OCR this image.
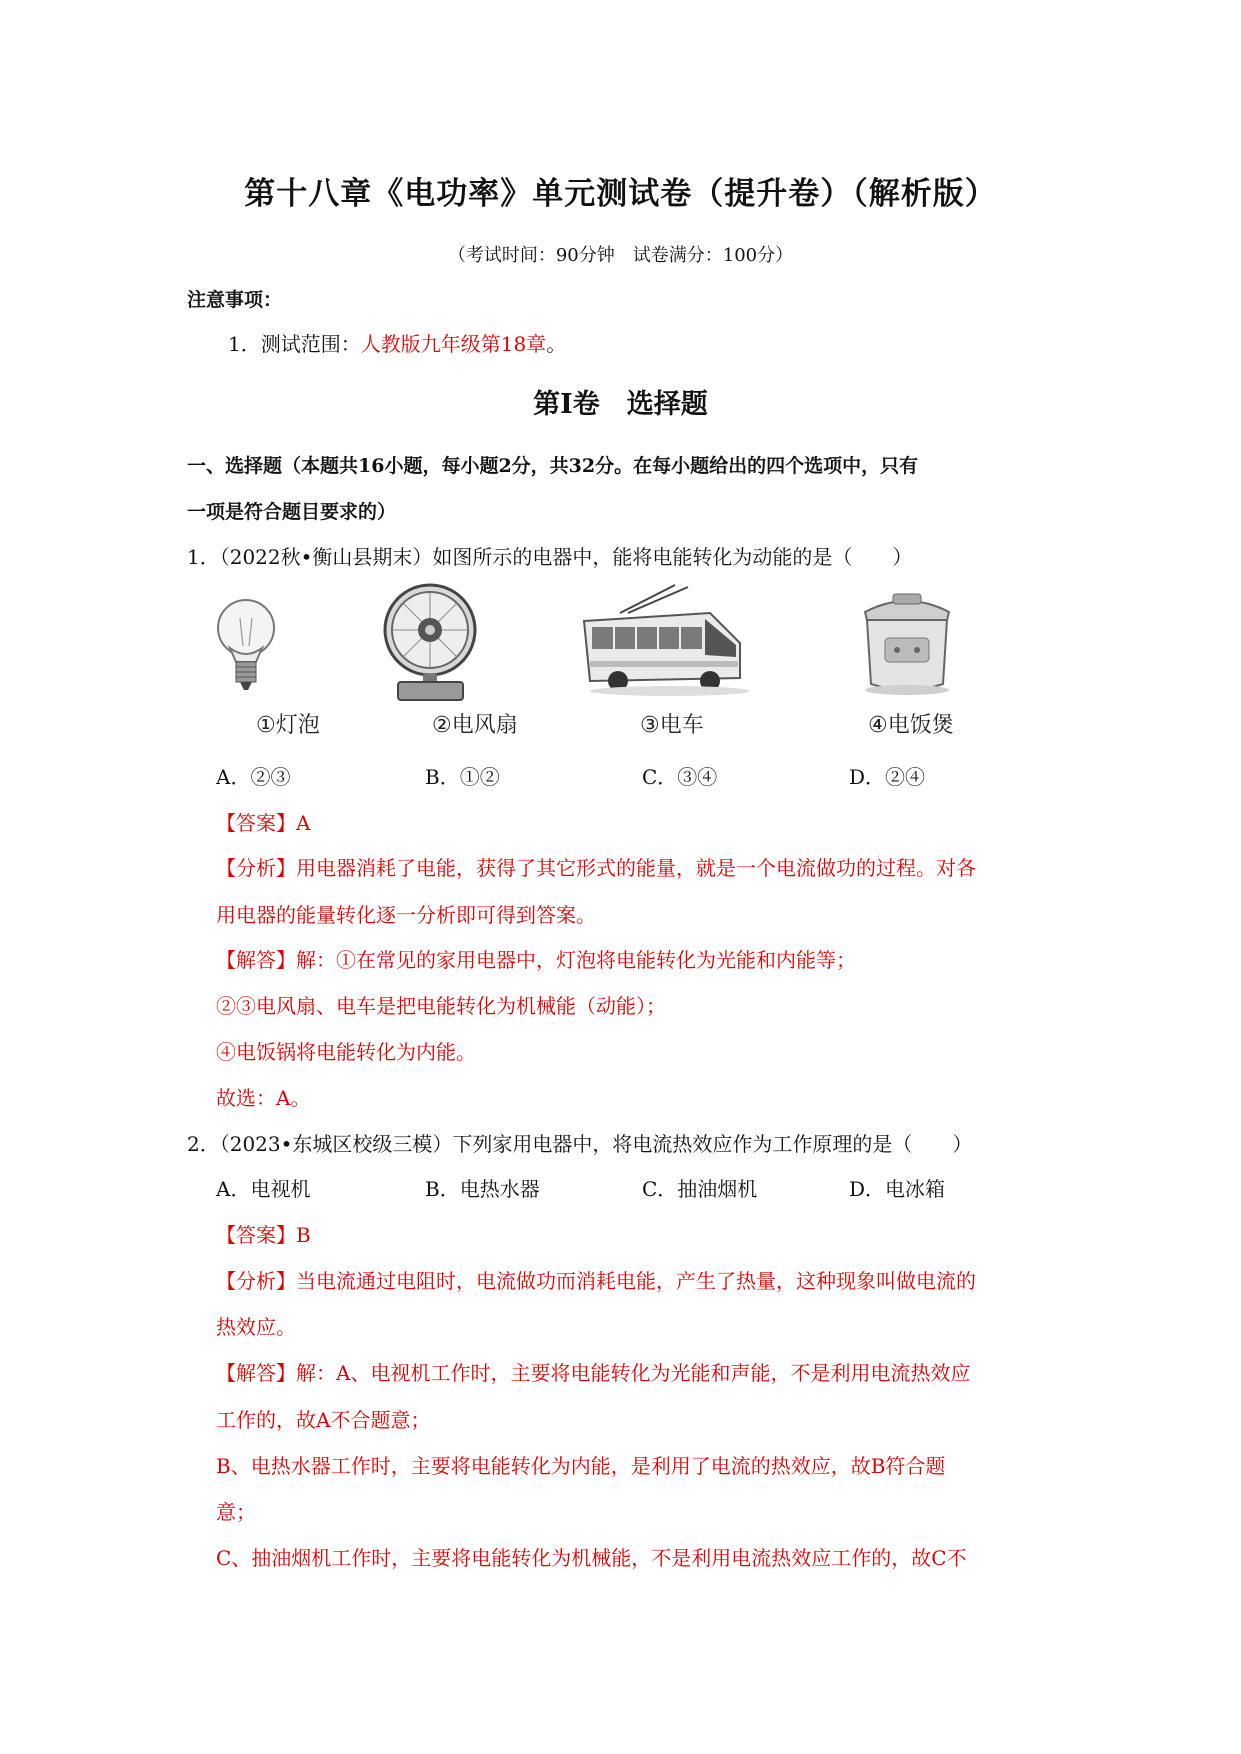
第十八章《电功率》单元测试卷（提升卷）（解析版）
（考试时间：90分钟　试卷满分：100分）
注意事项：
1．测试范围：人教版九年级第18章。
第Ⅰ卷　选择题
一、选择题（本题共16小题，每小题2分，共32分。在每小题给出的四个选项中，只有
一项是符合题目要求的）
1．（2022秋•衡山县期末）如图所示的电器中，能将电能转化为动能的是（　　）
①灯泡	②电风扇	③电车	④电饭煲
A．②③	B．①②	C．③④	D．②④
【答案】A
【分析】用电器消耗了电能，获得了其它形式的能量，就是一个电流做功的过程。对各
用电器的能量转化逐一分析即可得到答案。
【解答】解：①在常见的家用电器中，灯泡将电能转化为光能和内能等；
②③电风扇、电车是把电能转化为机械能（动能）；
④电饭锅将电能转化为内能。
故选：A。
2．（2023•东城区校级三模）下列家用电器中，将电流热效应作为工作原理的是（　　）
A．电视机	B．电热水器	C．抽油烟机	D．电冰箱
【答案】B
【分析】当电流通过电阻时，电流做功而消耗电能，产生了热量，这种现象叫做电流的
热效应。
【解答】解：A、电视机工作时，主要将电能转化为光能和声能，不是利用电流热效应
工作的，故A不合题意；
B、电热水器工作时，主要将电能转化为内能，是利用了电流的热效应，故B符合题
意；
C、抽油烟机工作时，主要将电能转化为机械能，不是利用电流热效应工作的，故C不
